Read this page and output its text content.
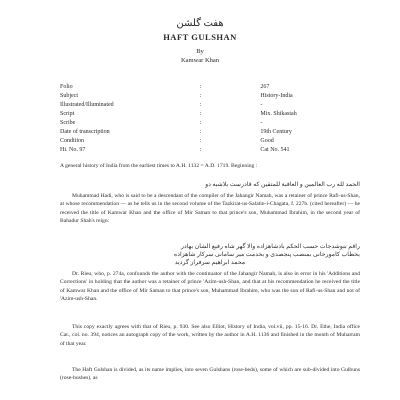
هفت گلشن
HAFT GULSHAN
By
Kamwar Khan
Folio	:	267
Subject	:	History-India
Illustrated/Illuminated	:	-
Script	:	Mix. Shikastah
Scribe	:	-
Date of transcription	:	19th Century
Condition	:	Good
Hi. No. 97	:	Cat No. 541
A general history of India from the earliest times to A.H. 1132 = A.D. 1719. Beginning :
الحمد لله رب العالمين و العاقبة للمتقين كه قادرست بلاشبه دو
Muhammad Hadi, who is said to be a descendant of the compiler of the Jahangir Namah, was a retainer of prince Rafi-us-Shan, at whose recommendation — as he tells us in the second volume of the Tazkirat-us-Salatin-i-Chagata, f. 227b. (cited hereafter) — he received the title of Kamwar Khan and the office of Mir Saman to that prince's son, Muhammad Ibrahim, in the second year of Bahadur Shah's reign:
راقم بنوشدجات حسب الحكم بادشاهزاده والا گهر شاه رفيع الشان بهادر
بخطاب كامورخانى بمنصب پنجصدى و بخدمت مير سامانى سركار شاهزاده
محمد ابراهيم سرفراز گرديد
Dr. Rieu, who, p. 274a, confounds the author with the continuator of the Jahangir Namah, is also in error in his 'Additions and Corrections' in holding that the author was a retainer of prince 'Azim-ush-Shan, and that at his recommendation he received the title of Kamwar Khan and the office of Mir Saman to that prince's son, Muhammad Ibrahim, who was the son of Rafi-us-Shan and not of 'Azim-ush-Shan.
This copy exactly agrees with that of Rieu, p. 930. See also Elliot, History of India, vol.vii, pp. 15-16. Dr. Ethe, India office Cat., col. no. 394, notices an autograph copy of the work, written by the author in A.H. 1136 and finished in the month of Muharram of that year.
The Haft Gulshan is divided, as its name implies, into seven Gulshans (rose-beds), some of which are sub-divided into Gulbuns (rose-bushes), as
